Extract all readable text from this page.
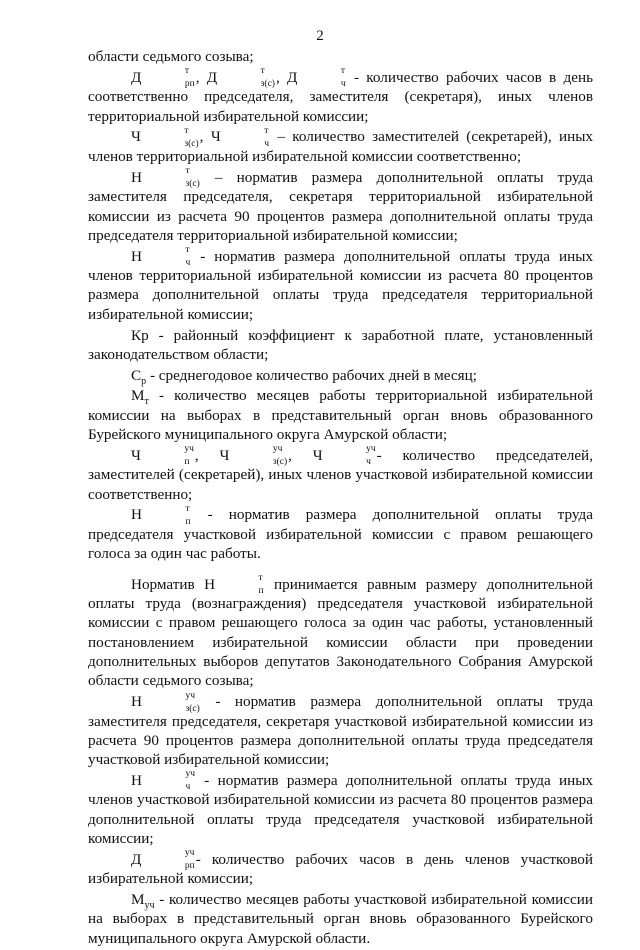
2

области седьмого созыва;

Д	т
рп , Д	т
з(с) , Д	т
ч - количество рабочих часов в день соответственно председателя, заместителя (секретаря), иных членов территориальной избирательной комиссии;

Ч	т
з(с) , Ч	т
ч – количество заместителей (секретарей), иных членов территориальной избирательной комиссии соответственно;

Н	т
з(с) – норматив размера дополнительной оплаты труда заместителя председателя, секретаря территориальной избирательной комиссии из расчета 90 процентов размера дополнительной оплаты труда председателя территориальной избирательной комиссии;

Н	т
ч - норматив размера дополнительной оплаты труда иных членов территориальной избирательной комиссии из расчета 80 процентов размера дополнительной оплаты труда председателя территориальной избирательной комиссии;

Кр - районный коэффициент к заработной плате, установленный законодательством области;

$С_р$ - среднегодовое количество рабочих дней в месяц;

$М_т$ - количество месяцев работы территориальной избирательной комиссии на выборах в представительный орган вновь образованного Бурейского муниципального округа Амурской области;

Ч	уч
п , Ч	уч
з(с) , Ч	уч
ч - количество председателей, заместителей (секретарей), иных членов участковой избирательной комиссии соответственно;

Н	т
п - норматив размера дополнительной оплаты труда председателя участковой избирательной комиссии с правом решающего голоса за один час работы.

Норматив Н	т
п принимается равным размеру дополнительной оплаты труда (вознаграждения) председателя участковой избирательной комиссии с правом решающего голоса за один час работы, установленный постановлением избирательной комиссии области при проведении дополнительных выборов депутатов Законодательного Собрания Амурской области седьмого созыва;

Н	уч
з(с) - норматив размера дополнительной оплаты труда заместителя председателя, секретаря участковой избирательной комиссии из расчета 90 процентов размера дополнительной оплаты труда председателя участковой избирательной комиссии;

Н	уч
ч - норматив размера дополнительной оплаты труда иных членов участковой избирательной комиссии из расчета 80 процентов размера дополнительной оплаты труда председателя участковой избирательной комиссии;

Д	уч
рп - количество рабочих часов в день членов участковой избирательной комиссии;

$М_{уч}$ - количество месяцев работы участковой избирательной комиссии на выборах в представительный орган вновь образованного Бурейского муниципального округа Амурской области.
